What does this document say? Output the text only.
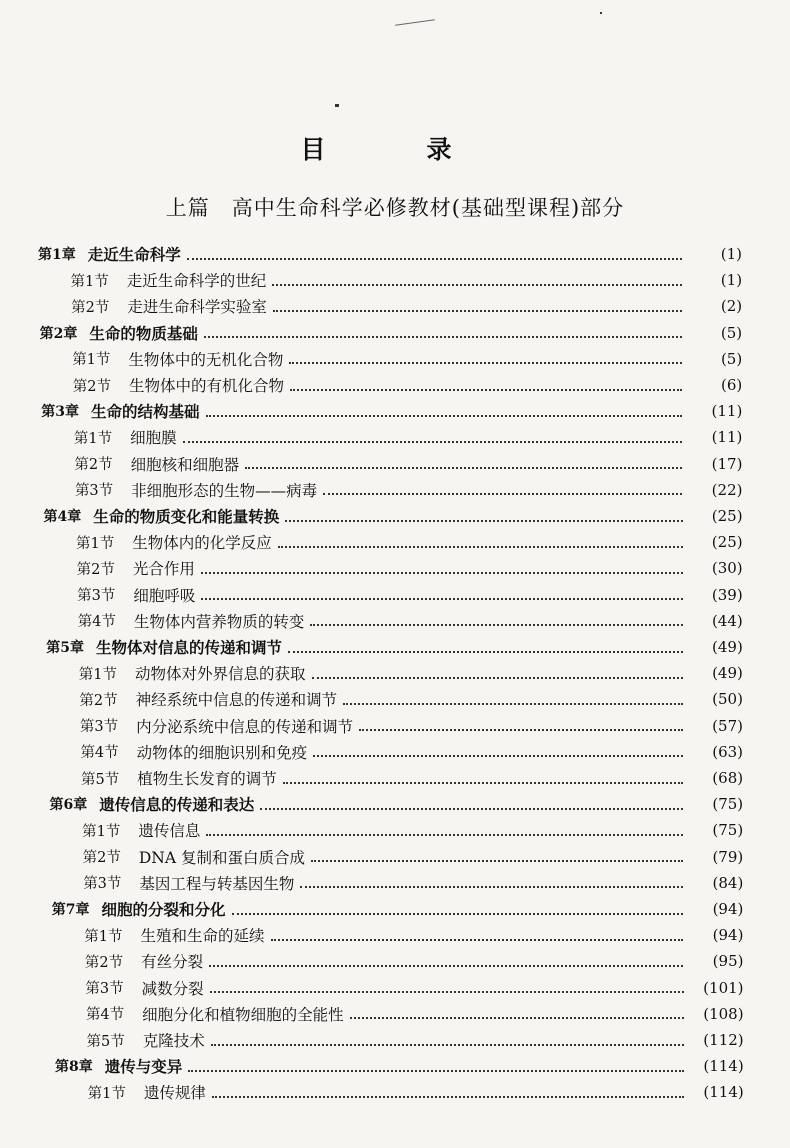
目　录
上篇　高中生命科学必修教材(基础型课程)部分
第1章 走近生命科学	(1)
第1节 走近生命科学的世纪	(1)
第2节 走进生命科学实验室	(2)
第2章 生命的物质基础	(5)
第1节 生物体中的无机化合物	(5)
第2节 生物体中的有机化合物	(6)
第3章 生命的结构基础	(11)
第1节 细胞膜	(11)
第2节 细胞核和细胞器	(17)
第3节 非细胞形态的生物——病毒	(22)
第4章 生命的物质变化和能量转换	(25)
第1节 生物体内的化学反应	(25)
第2节 光合作用	(30)
第3节 细胞呼吸	(39)
第4节 生物体内营养物质的转变	(44)
第5章 生物体对信息的传递和调节	(49)
第1节 动物体对外界信息的获取	(49)
第2节 神经系统中信息的传递和调节	(50)
第3节 内分泌系统中信息的传递和调节	(57)
第4节 动物体的细胞识别和免疫	(63)
第5节 植物生长发育的调节	(68)
第6章 遗传信息的传递和表达	(75)
第1节 遗传信息	(75)
第2节 DNA 复制和蛋白质合成	(79)
第3节 基因工程与转基因生物	(84)
第7章 细胞的分裂和分化	(94)
第1节 生殖和生命的延续	(94)
第2节 有丝分裂	(95)
第3节 减数分裂	(101)
第4节 细胞分化和植物细胞的全能性	(108)
第5节 克隆技术	(112)
第8章 遗传与变异	(114)
第1节 遗传规律	(114)
